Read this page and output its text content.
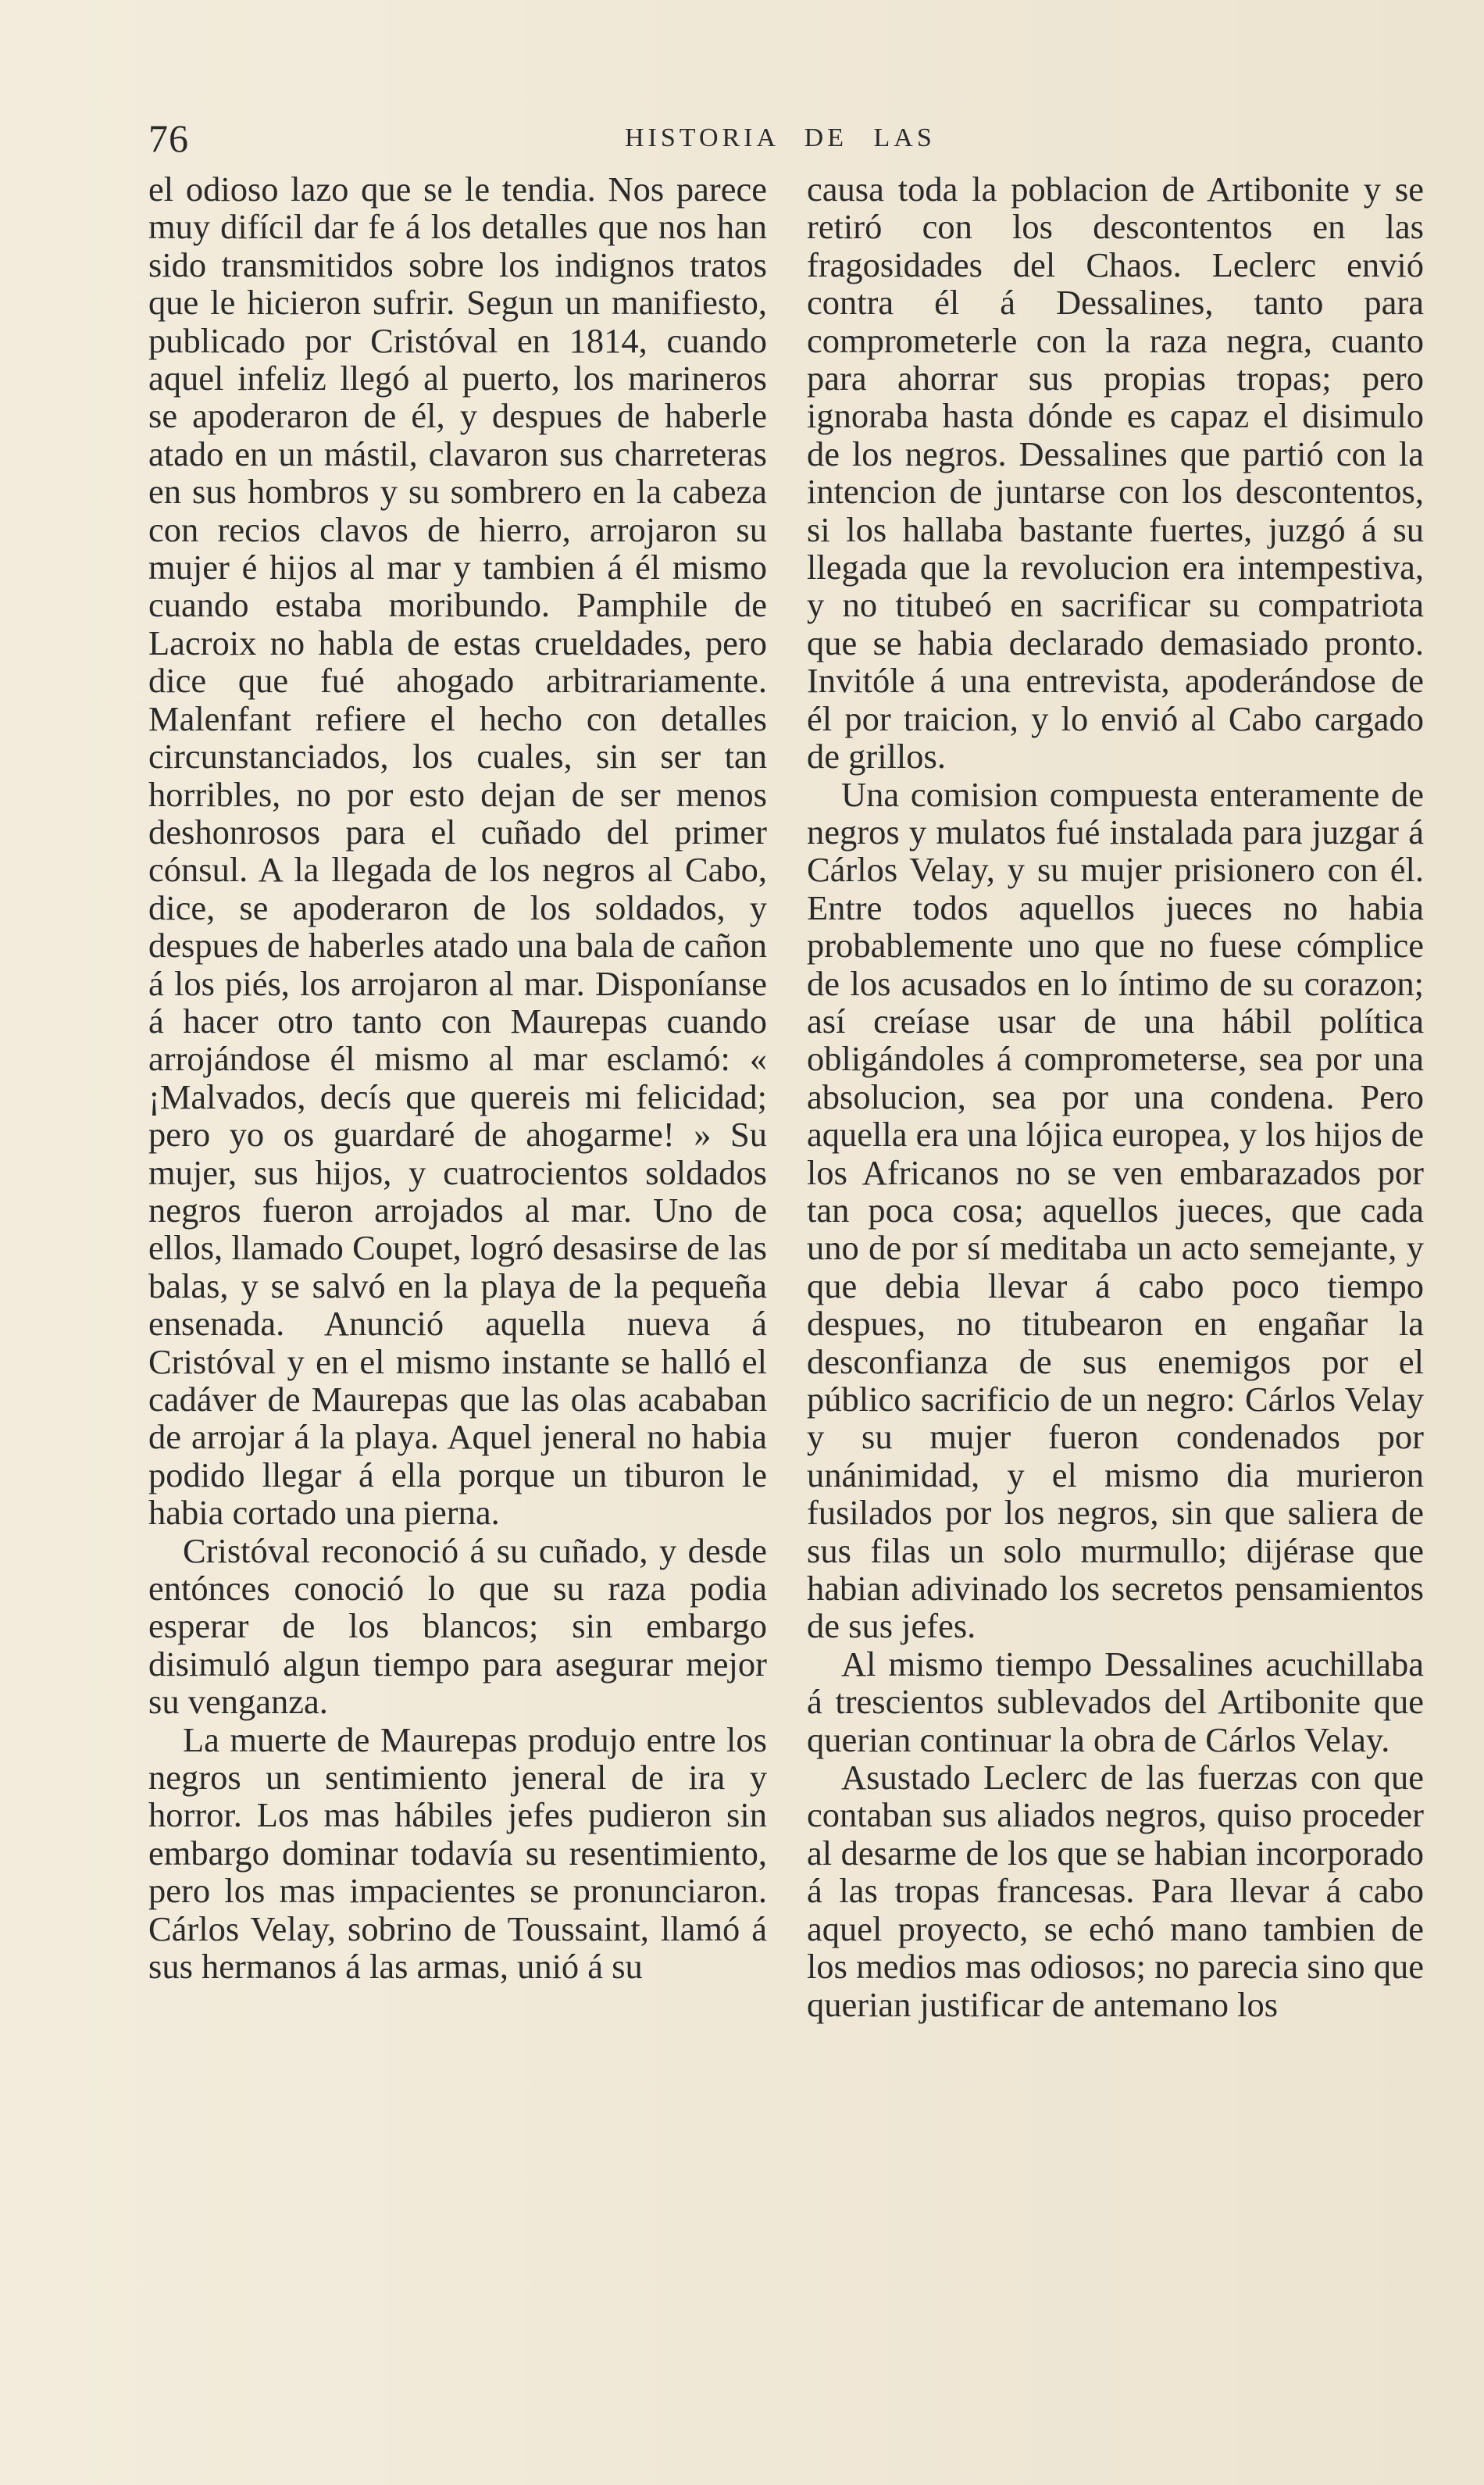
76	HISTORIA DE LAS

el odioso lazo que se le tendia. Nos parece muy difícil dar fe á los detalles que nos han sido transmitidos sobre los indignos tratos que le hicieron sufrir. Segun un manifiesto, publicado por Cristóval en 1814, cuando aquel infeliz llegó al puerto, los marineros se apoderaron de él, y despues de haberle atado en un mástil, clavaron sus charreteras en sus hombros y su sombrero en la cabeza con recios clavos de hierro, arrojaron su mujer é hijos al mar y tambien á él mismo cuando estaba moribundo. Pamphile de Lacroix no habla de estas crueldades, pero dice que fué ahogado arbitrariamente. Malenfant refiere el hecho con detalles circunstanciados, los cuales, sin ser tan horribles, no por esto dejan de ser menos deshonrosos para el cuñado del primer cónsul. A la llegada de los negros al Cabo, dice, se apoderaron de los soldados, y despues de haberles atado una bala de cañon á los piés, los arrojaron al mar. Disponíanse á hacer otro tanto con Maurepas cuando arrojándose él mismo al mar esclamó: « ¡Malvados, decís que quereis mi felicidad; pero yo os guardaré de ahogarme! » Su mujer, sus hijos, y cuatrocientos soldados negros fueron arrojados al mar. Uno de ellos, llamado Coupet, logró desasirse de las balas, y se salvó en la playa de la pequeña ensenada. Anunció aquella nueva á Cristóval y en el mismo instante se halló el cadáver de Maurepas que las olas acababan de arrojar á la playa. Aquel jeneral no habia podido llegar á ella porque un tiburon le habia cortado una pierna.

Cristóval reconoció á su cuñado, y desde entónces conoció lo que su raza podia esperar de los blancos; sin embargo disimuló algun tiempo para asegurar mejor su venganza.

La muerte de Maurepas produjo entre los negros un sentimiento jeneral de ira y horror. Los mas hábiles jefes pudieron sin embargo dominar todavía su resentimiento, pero los mas impacientes se pronunciaron. Cárlos Velay, sobrino de Toussaint, llamó á sus hermanos á las armas, unió á su

causa toda la poblacion de Artibonite y se retiró con los descontentos en las fragosidades del Chaos. Leclerc envió contra él á Dessalines, tanto para comprometerle con la raza negra, cuanto para ahorrar sus propias tropas; pero ignoraba hasta dónde es capaz el disimulo de los negros. Dessalines que partió con la intencion de juntarse con los descontentos, si los hallaba bastante fuertes, juzgó á su llegada que la revolucion era intempestiva, y no titubeó en sacrificar su compatriota que se habia declarado demasiado pronto. Invitóle á una entrevista, apoderándose de él por traicion, y lo envió al Cabo cargado de grillos.

Una comision compuesta enteramente de negros y mulatos fué instalada para juzgar á Cárlos Velay, y su mujer prisionero con él. Entre todos aquellos jueces no habia probablemente uno que no fuese cómplice de los acusados en lo íntimo de su corazon; así creíase usar de una hábil política obligándoles á comprometerse, sea por una absolucion, sea por una condena. Pero aquella era una lójica europea, y los hijos de los Africanos no se ven embarazados por tan poca cosa; aquellos jueces, que cada uno de por sí meditaba un acto semejante, y que debia llevar á cabo poco tiempo despues, no titubearon en engañar la desconfianza de sus enemigos por el público sacrificio de un negro: Cárlos Velay y su mujer fueron condenados por unánimidad, y el mismo dia murieron fusilados por los negros, sin que saliera de sus filas un solo murmullo; dijérase que habian adivinado los secretos pensamientos de sus jefes.

Al mismo tiempo Dessalines acuchillaba á trescientos sublevados del Artibonite que querian continuar la obra de Cárlos Velay.

Asustado Leclerc de las fuerzas con que contaban sus aliados negros, quiso proceder al desarme de los que se habian incorporado á las tropas francesas. Para llevar á cabo aquel proyecto, se echó mano tambien de los medios mas odiosos; no parecia sino que querian justificar de antemano los
